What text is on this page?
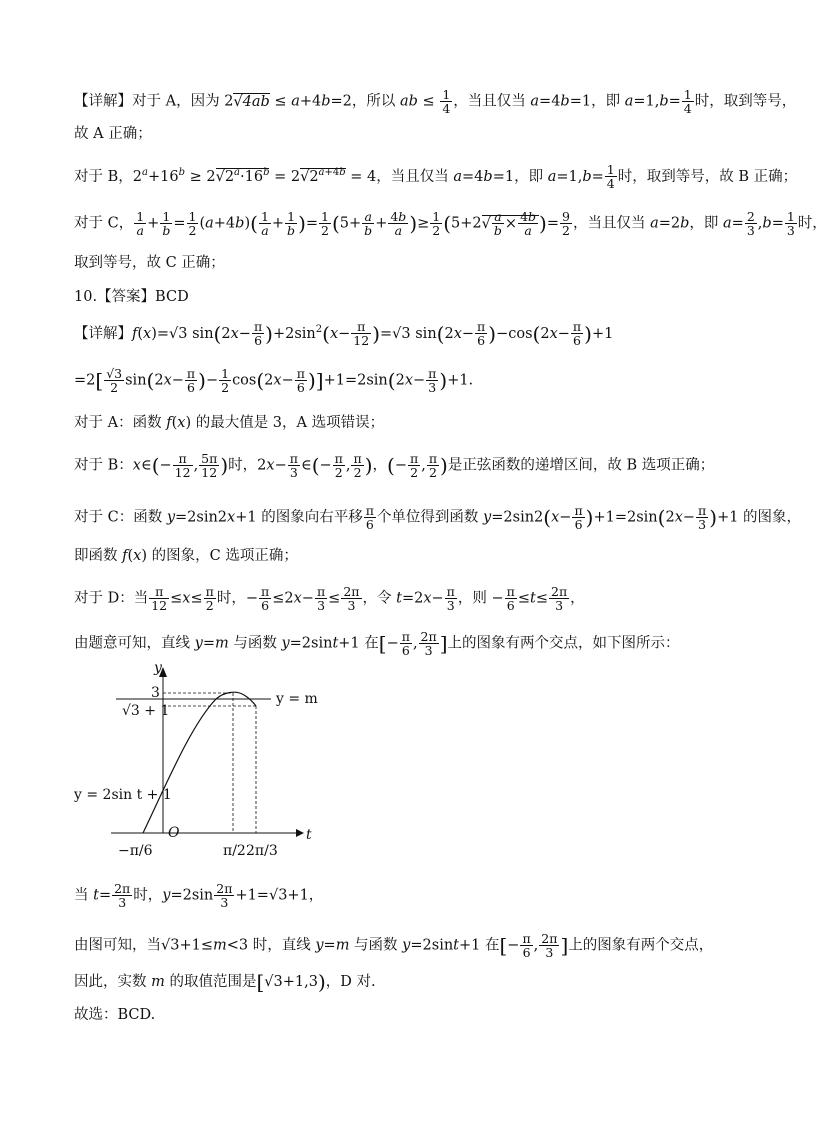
【详解】对于 A，因为 2√4ab ≤ a+4b=2，所以 ab ≤ $\frac{1}{4}$ ，当且仅当 a=4b=1，即 $a=1,b= \frac{1}{4}$ 时，取到等号，
故 A 正确；
对于 B，$2^a+16^b \ge 2√2^a\cdot 16^b = 2√2^{a+4b} = 4$，当且仅当 a=4b=1，即 $a=1,b= \frac{1}{4}$ 时，取到等号，故 B 正确；
对于 C， $\frac{1}{a} + \frac{1}{b} = \frac{1}{2} (a+4b)( \frac{1}{a} + \frac{1}{b}$ )= $\frac{1}{2} (5+ \frac{a}{b} + \frac{4b}{a}$ )≥ $\frac{1}{2} (5+2√ \frac{a}{b} \times \frac{4b}{a}$ )= $\frac{9}{2}$ ，当且仅当 a=2b，即 $a= \frac{2}{3} ,b= \frac{1}{3}$ 时，
取到等号，故 C 正确；
10.【答案】BCD
【详解】f(x)=√3 $\sin(2x- \frac{\pi}{6} )+2\sin^2(x- \frac{\pi}{12} )=√3$ $\sin(2x- \frac{\pi}{6} )-\cos(2x- \frac{\pi}{6} )+1$
$=2[ \frac{√3}{2} \sin(2x- \frac{\pi}{6}$ )− $\frac{1}{2} \cos(2x- \frac{\pi}{6} )]+1=2\sin(2x- \frac{\pi}{3} )+1$.
对于 A：函数 f(x) 的最大值是 3，A 选项错误；
对于 B：x∈(− $\frac{\pi}{12}$ , $\frac{5\pi}{12}$ )时，$2x- \frac{\pi}{3}$ ∈(− $\frac{\pi}{2}$ , $\frac{\pi}{2}$ )，(− $\frac{\pi}{2}$ , $\frac{\pi}{2}$ )是正弦函数的递增区间，故 B 选项正确；
对于 C：函数 y=2sin2x+1 的图象向右平移 $\frac{\pi}{6}$ 个单位得到函数 $y=2\sin 2(x- \frac{\pi}{6} )+1=2\sin(2x- \frac{\pi}{3} )+1$ 的图象，
即函数 f(x) 的图象，C 选项正确；
对于 D：当 $\frac{\pi}{12} \le x\le \frac{\pi}{2}$ 时，− $\frac{\pi}{6} \le 2x- \frac{\pi}{3} \le \frac{2\pi}{3}$ ，令 $t=2x- \frac{\pi}{3}$ ，则 − $\frac{\pi}{6} \le t\le \frac{2\pi}{3}$ ，
由题意可知，直线 y=m 与函数 y=2sint+1 在[− $\frac{\pi}{6}$ , $\frac{2\pi}{3}$ ]上的图象有两个交点，如下图所示：
y
t
O
y = m
y = 2sin t + 1
3
√3 + 1
−π/6	π/2 2π/3
当 $t= \frac{2\pi}{3}$ 时，$y=2\sin \frac{2\pi}{3} +1=√3+1$，
由图可知，当√3+1≤m<3 时，直线 y=m 与函数 y=2sint+1 在[− $\frac{\pi}{6}$ , $\frac{2\pi}{3}$ ]上的图象有两个交点，
因此，实数 m 的取值范围是[√3+1,3)，D 对.
故选：BCD.
